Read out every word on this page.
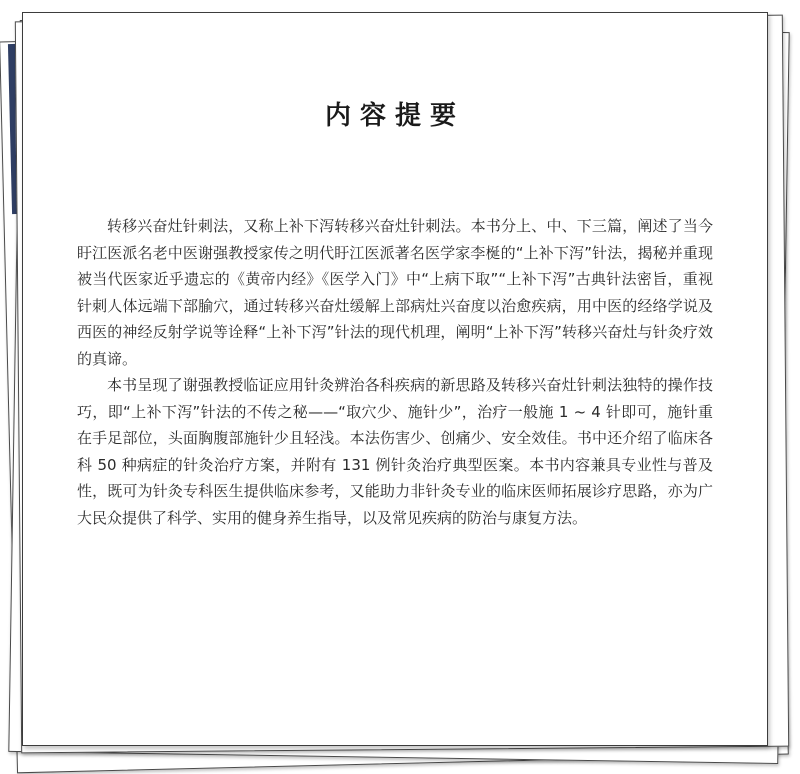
内容提要

转移兴奋灶针刺法，又称上补下泻转移兴奋灶针刺法。本书分上、中、下三篇，阐述了当今盱江医派名老中医谢强教授家传之明代盱江医派著名医学家李梴的“上补下泻”针法，揭秘并重现被当代医家近乎遗忘的《黄帝内经》《医学入门》中“上病下取”“上补下泻”古典针法密旨，重视针刺人体远端下部腧穴，通过转移兴奋灶缓解上部病灶兴奋度以治愈疾病，用中医的经络学说及西医的神经反射学说等诠释“上补下泻”针法的现代机理，阐明“上补下泻”转移兴奋灶与针灸疗效的真谛。

本书呈现了谢强教授临证应用针灸辨治各科疾病的新思路及转移兴奋灶针刺法独特的操作技巧，即“上补下泻”针法的不传之秘——“取穴少、施针少”，治疗一般施 1 ~ 4 针即可，施针重在手足部位，头面胸腹部施针少且轻浅。本法伤害少、创痛少、安全效佳。书中还介绍了临床各科 50 种病症的针灸治疗方案，并附有 131 例针灸治疗典型医案。本书内容兼具专业性与普及性，既可为针灸专科医生提供临床参考，又能助力非针灸专业的临床医师拓展诊疗思路，亦为广大民众提供了科学、实用的健身养生指导，以及常见疾病的防治与康复方法。
